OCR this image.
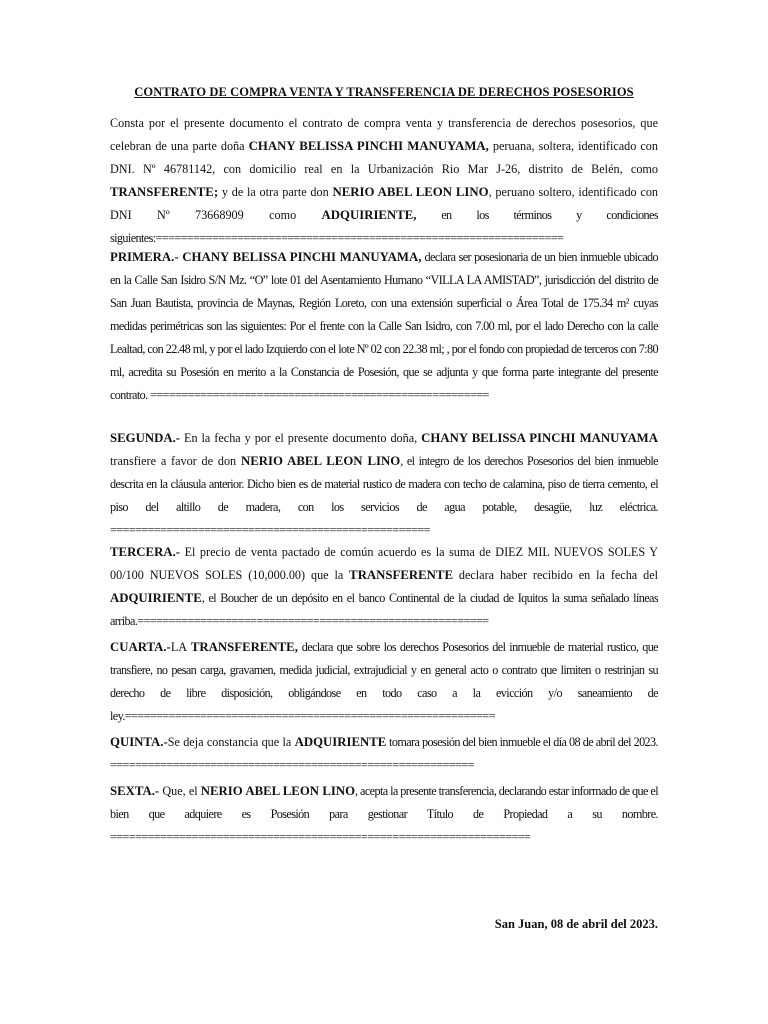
CONTRATO DE COMPRA VENTA Y TRANSFERENCIA DE DERECHOS POSESORIOS
Consta por el presente documento el contrato de compra venta y transferencia de derechos posesorios, que celebran de una parte doña CHANY BELISSA PINCHI MANUYAMA, peruana, soltera, identificado con DNI. Nº 46781142, con domicilio real en la Urbanización Rio Mar J-26, distrito de Belén, como TRANSFERENTE; y de la otra parte don NERIO ABEL LEON LINO, peruano soltero, identificado con DNI Nº 73668909 como ADQUIRIENTE, en los términos y condiciones siguientes:=================================================================
PRIMERA.- CHANY BELISSA PINCHI MANUYAMA, declara ser posesionaria de un bien inmueble ubicado en la Calle San Isidro S/N Mz. “O” lote 01 del Asentamiento Humano “VILLA LA AMISTAD”, jurisdicción del distrito de San Juan Bautista, provincia de Maynas, Región Loreto, con una extensión superficial o Área Total de 175.34 m² cuyas medidas perimétricas son las siguientes: Por el frente con la Calle San Isidro, con 7.00 ml, por el lado Derecho con la calle Lealtad, con 22.48 ml, y por el lado Izquierdo con el lote Nº 02 con 22.38 ml; , por el fondo con propiedad de terceros con 7:80 ml, acredita su Posesión en merito a la Constancia de Posesión, que se adjunta y que forma parte integrante del presente contrato. ======================================================
SEGUNDA.- En la fecha y por el presente documento doña, CHANY BELISSA PINCHI MANUYAMA transfiere a favor de don NERIO ABEL LEON LINO, el integro de los derechos Posesorios del bien inmueble descrita en la cláusula anterior. Dicho bien es de material rustico de madera con techo de calamina, piso de tierra cemento, el piso del altillo de madera, con los servicios de agua potable, desagüe, luz eléctrica. ===================================================
TERCERA.- El precio de venta pactado de común acuerdo es la suma de DIEZ MIL NUEVOS SOLES Y 00/100 NUEVOS SOLES (10,000.00) que la TRANSFERENTE declara haber recibido en la fecha del ADQUIRIENTE, el Boucher de un depósito en el banco Continental de la ciudad de Iquitos la suma señalado líneas arriba.========================================================
CUARTA.-LA TRANSFERENTE, declara que sobre los derechos Posesorios del inmueble de material rustico, que transfiere, no pesan carga, gravamen, medida judicial, extrajudicial y en general acto o contrato que limiten o restrinjan su derecho de libre disposición, obligándose en todo caso a la evicción y/o saneamiento de ley.===========================================================
QUINTA.-Se deja constancia que la ADQUIRIENTE tomara posesión del bien inmueble el día 08 de abril del 2023. ==========================================================
SEXTA.- Que, el NERIO ABEL LEON LINO, acepta la presente transferencia, declarando estar informado de que el bien que adquiere es Posesión para gestionar Título de Propiedad a su nombre. ===================================================================
San Juan, 08 de abril del 2023.
